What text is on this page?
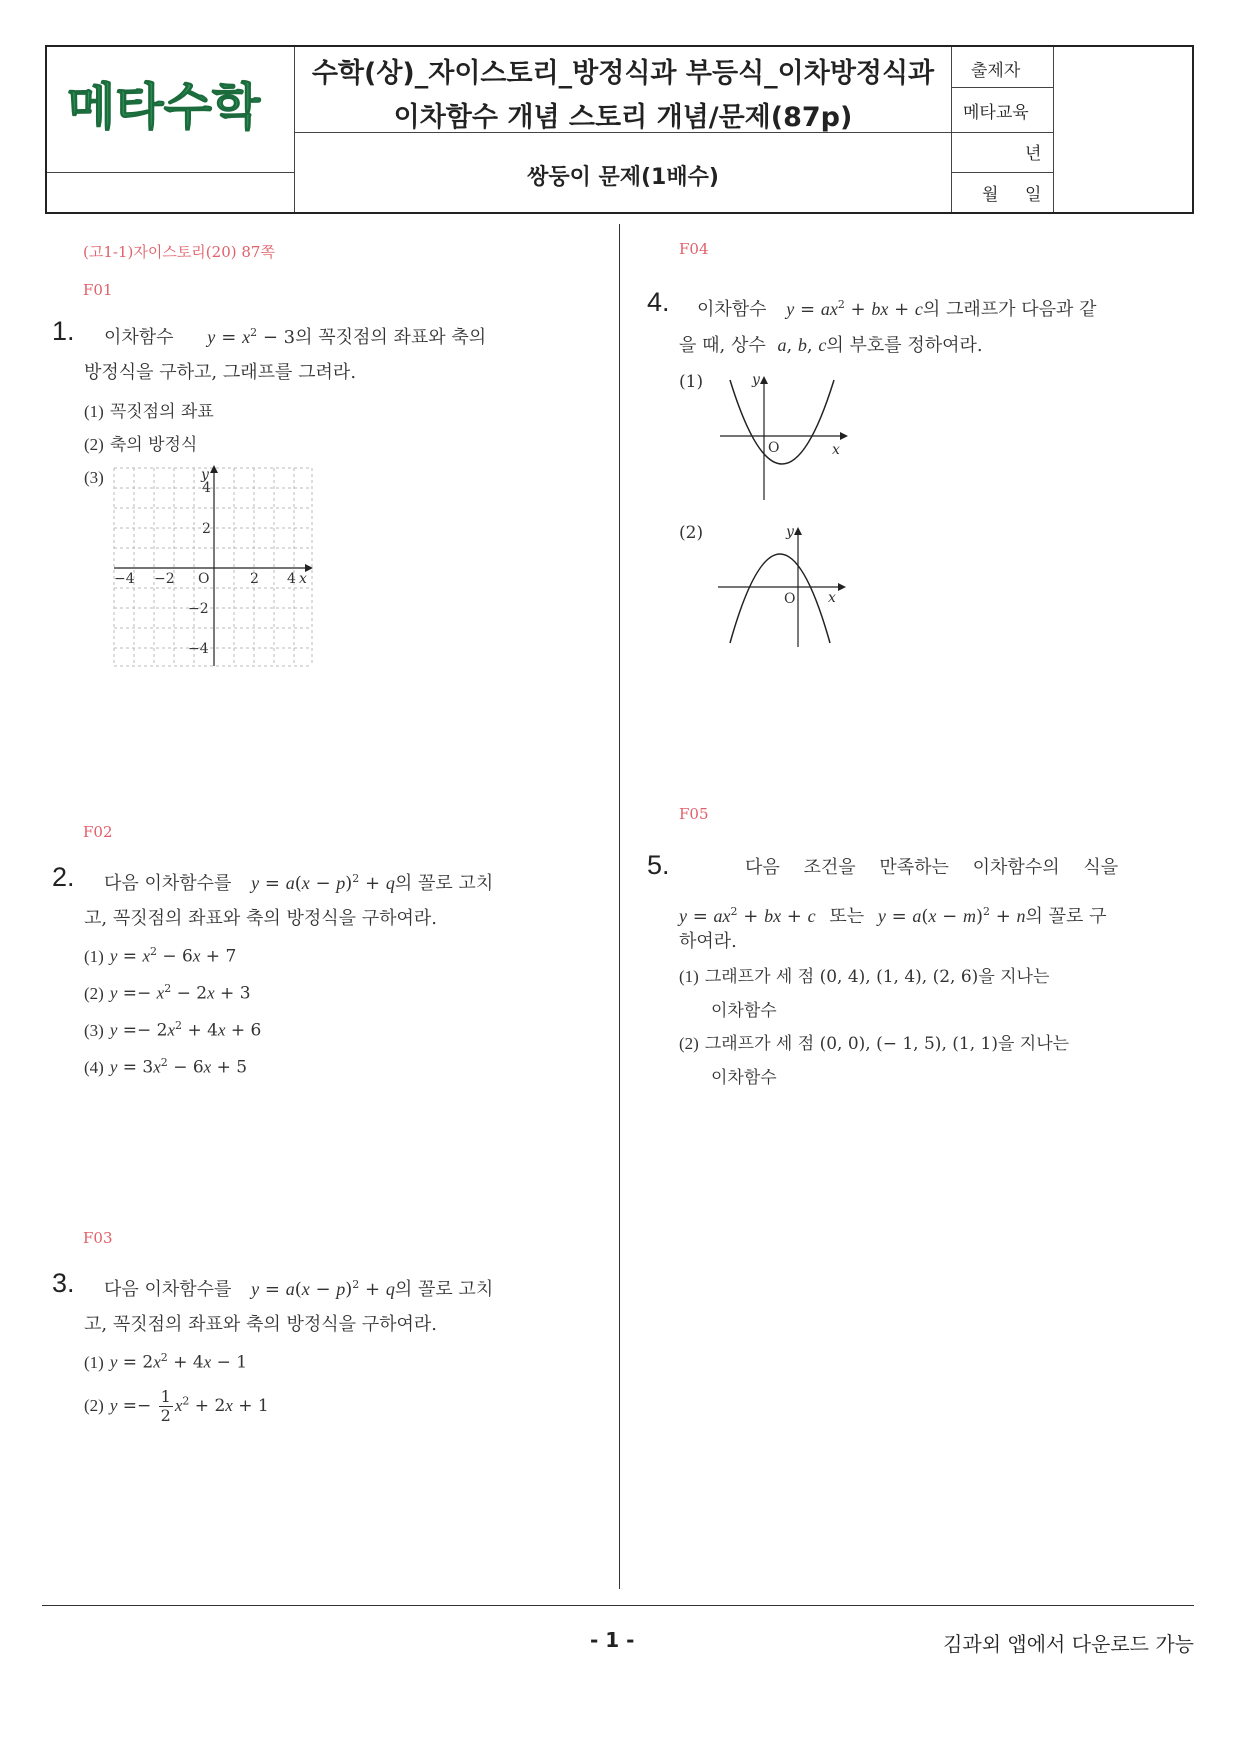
메타수학
수학(상)_자이스토리_방정식과 부등식_이차방정식과
이차함수 개념 스토리 개념/문제(87p)
쌍둥이 문제(1배수)
출제자
메타교육
년
월 일
(고1-1)자이스토리(20) 87쪽
F01
1. 이차함수 $y = x^2 - 3$의 꼭짓점의 좌표와 축의
방정식을 구하고, 그래프를 그려라.
(1) 꼭짓점의 좌표
(2) 축의 방정식
(3)
−4 −2 O	2 4 x
4
2
−2
−4
y
F02
2. 다음 이차함수를 $y = a(x - p)^2 + q$의 꼴로 고치
고, 꼭짓점의 좌표와 축의 방정식을 구하여라.
(1) $y = x^2 - 6x + 7$
(2) $y =- x^2 - 2x + 3$
(3) $y =- 2x^2 + 4x + 6$
(4) $y = 3x^2 - 6x + 5$
F03
3. 다음 이차함수를 $y = a(x - p)^2 + q$의 꼴로 고치
고, 꼭짓점의 좌표와 축의 방정식을 구하여라.
(1) $y = 2x^2 + 4x - 1$
(2) $y =- \frac{1}{2} x^2 + 2x + 1$
F04
4. 이차함수 $y = ax^2$ + bx + c의 그래프가 다음과 같
을 때, 상수 a, b, c의 부호를 정하여라.
(1)
O	x
y
(2)
O x
y
F05
5.	다음 조건을 만족하는 이차함수의 식을
$y = ax^2$ + bx + c 또는 $y = a(x - m)^2 + n$의 꼴로 구
하여라.
(1) 그래프가 세 점 (0, 4), (1, 4), (2, 6)을 지나는
이차함수
(2) 그래프가 세 점 (0, 0), (− 1, 5), (1, 1)을 지나는
이차함수
- 1 -	김과외 앱에서 다운로드 가능
